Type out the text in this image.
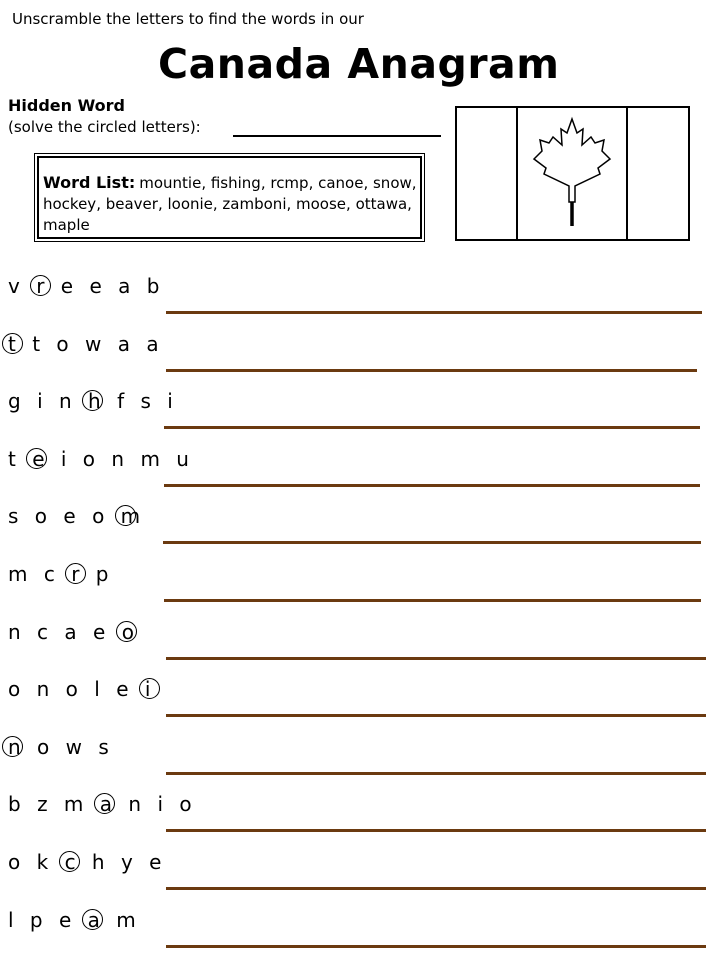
Unscramble the letters to find the words in our
Canada Anagram
Hidden Word
(solve the circled letters):
Word List: mountie, fishing, rcmp, canoe, snow, hockey, beaver, loonie, zamboni, moose, ottawa, maple
v r e e a b
t t o w a a
g i n h f s i
t e i o n m u
s o e o m
m c r p
n c a e o
o n o l e i
n o w s
b z m a n i o
o k c h y e
l p e a m
